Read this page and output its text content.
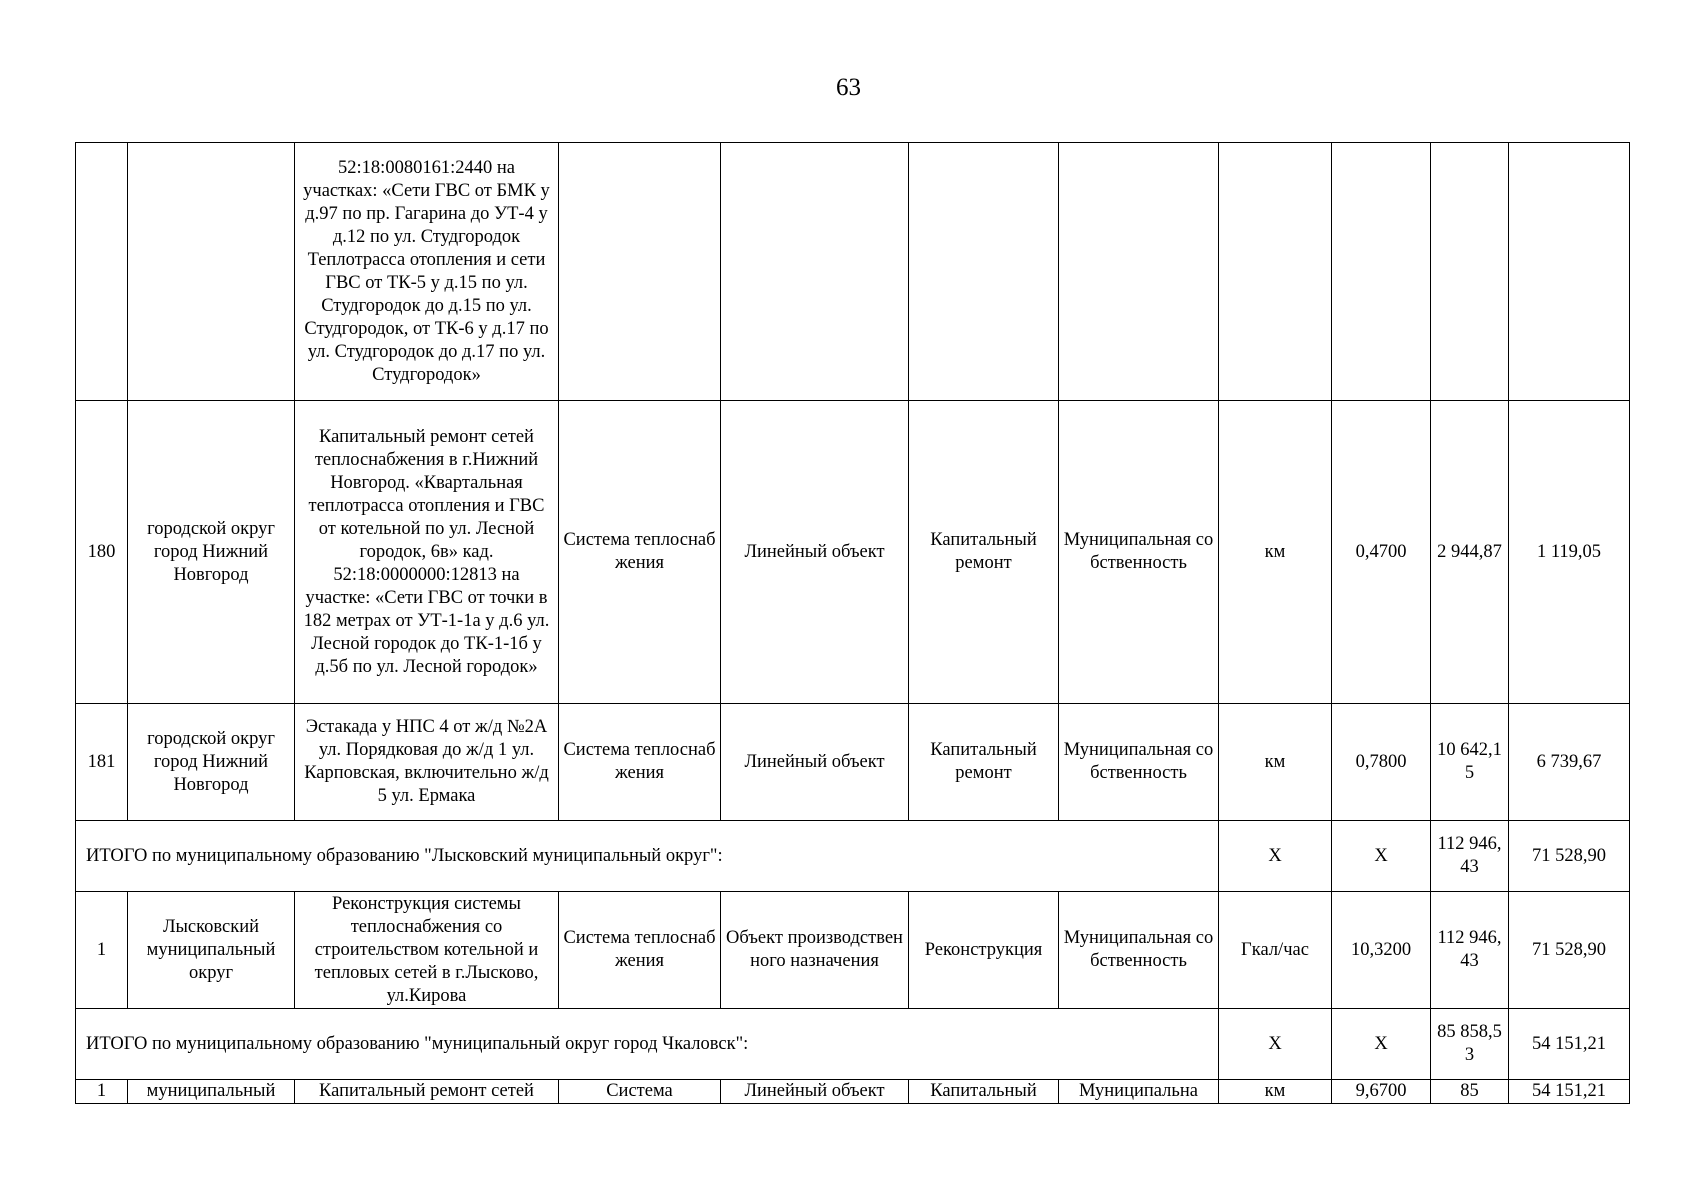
63
		52:18:0080161:2440 на участках: «Сети ГВС от БМК у д.97 по пр. Гагарина до УТ-4 у д.12 по ул. Студгородок Теплотрасса отопления и сети ГВС от ТК-5 у д.15 по ул. Студгородок до д.15 по ул. Студгородок, от ТК-6 у д.17 по ул. Студгородок до д.17 по ул. Студгородок»								
180	городской округ город Нижний Новгород	Капитальный ремонт сетей теплоснабжения в г.Нижний Новгород. «Квартальная теплотрасса отопления и ГВС от котельной по ул. Лесной городок, 6в» кад. 52:18:0000000:12813 на участке: «Сети ГВС от точки в 182 метрах от УТ-1-1а у д.6 ул. Лесной городок до ТК-1-1б у д.5б по ул. Лесной городок»	Система теплоснабжения	Линейный объект	Капитальный ремонт	Муниципальная собственность	км	0,4700	2 944,87	1 119,05
181	городской округ город Нижний Новгород	Эстакада у НПС 4 от ж/д №2А ул. Порядковая до ж/д 1 ул. Карповская, включительно ж/д 5 ул. Ермака	Система теплоснабжения	Линейный объект	Капитальный ремонт	Муниципальная собственность	км	0,7800	10 642,15	6 739,67
ИТОГО по муниципальному образованию "Лысковский муниципальный округ":							X	X	112 946,43	71 528,90
1	Лысковский муниципальный округ	Реконструкция системы теплоснабжения со строительством котельной и тепловых сетей в г.Лысково, ул.Кирова	Система теплоснабжения	Объект производственного назначения	Реконструкция	Муниципальная собственность	Гкал/час	10,3200	112 946,43	71 528,90
ИТОГО по муниципальному образованию "муниципальный округ город Чкаловск":							X	X	85 858,53	54 151,21
1	муниципальный	Капитальный ремонт сетей	Система	Линейный объект	Капитальный	Муниципальна	км	9,6700	85	54 151,21
